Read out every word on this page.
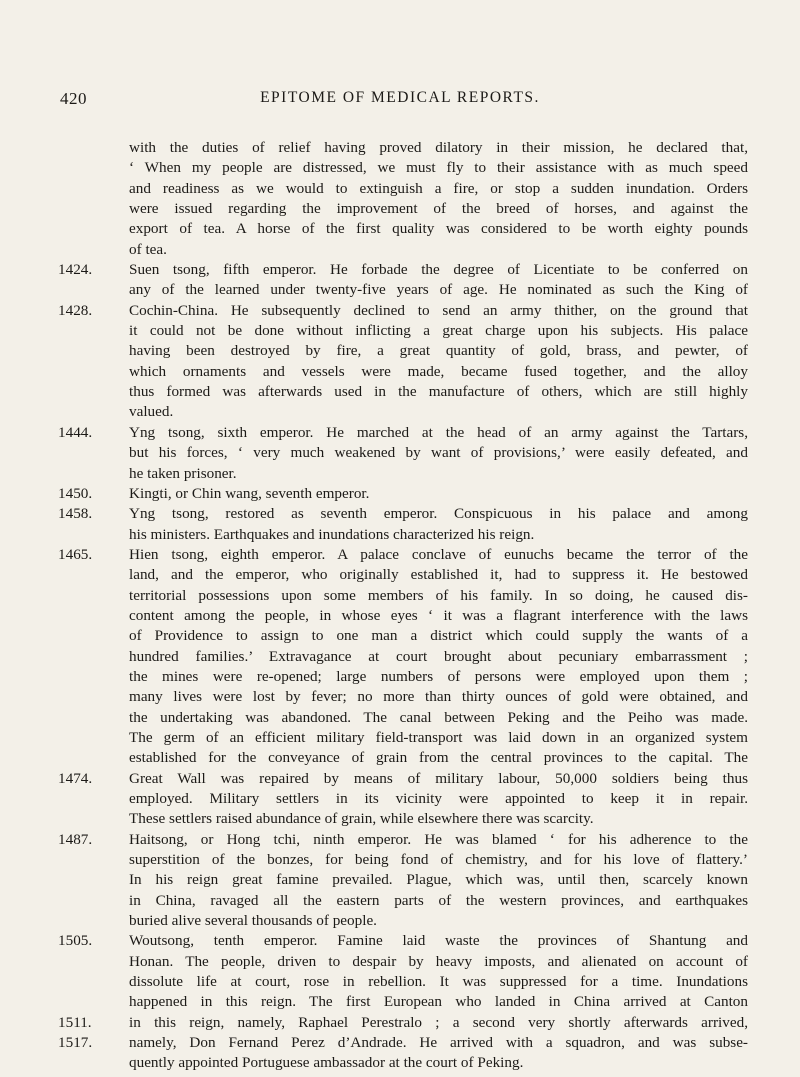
420	EPITOME OF MEDICAL REPORTS.
with the duties of relief having proved dilatory in their mission, he declared that,
‘ When my people are distressed, we must fly to their assistance with as much speed
and readiness as we would to extinguish a fire, or stop a sudden inundation. Orders
were issued regarding the improvement of the breed of horses, and against the
export of tea. A horse of the first quality was considered to be worth eighty pounds
of tea.
1424.	Suen tsong, fifth emperor. He forbade the degree of Licentiate to be conferred on
any of the learned under twenty-five years of age. He nominated as such the King of
1428.	Cochin-China. He subsequently declined to send an army thither, on the ground that
it could not be done without inflicting a great charge upon his subjects. His palace
having been destroyed by fire, a great quantity of gold, brass, and pewter, of
which ornaments and vessels were made, became fused together, and the alloy
thus formed was afterwards used in the manufacture of others, which are still highly
valued.
1444.	Yng tsong, sixth emperor. He marched at the head of an army against the Tartars,
but his forces, ‘ very much weakened by want of provisions,’ were easily defeated, and
he taken prisoner.
1450.	Kingti, or Chin wang, seventh emperor.
1458.	Yng tsong, restored as seventh emperor. Conspicuous in his palace and among
his ministers. Earthquakes and inundations characterized his reign.
1465.	Hien tsong, eighth emperor. A palace conclave of eunuchs became the terror of the
land, and the emperor, who originally established it, had to suppress it. He bestowed
territorial possessions upon some members of his family. In so doing, he caused dis-
content among the people, in whose eyes ‘ it was a flagrant interference with the laws
of Providence to assign to one man a district which could supply the wants of a
hundred families.’ Extravagance at court brought about pecuniary embarrassment ;
the mines were re-opened; large numbers of persons were employed upon them ;
many lives were lost by fever; no more than thirty ounces of gold were obtained, and
the undertaking was abandoned. The canal between Peking and the Peiho was made.
The germ of an efficient military field-transport was laid down in an organized system
established for the conveyance of grain from the central provinces to the capital. The
1474.	Great Wall was repaired by means of military labour, 50,000 soldiers being thus
employed. Military settlers in its vicinity were appointed to keep it in repair.
These settlers raised abundance of grain, while elsewhere there was scarcity.
1487.	Haitsong, or Hong tchi, ninth emperor. He was blamed ‘ for his adherence to the
superstition of the bonzes, for being fond of chemistry, and for his love of flattery.’
In his reign great famine prevailed. Plague, which was, until then, scarcely known
in China, ravaged all the eastern parts of the western provinces, and earthquakes
buried alive several thousands of people.
1505.	Woutsong, tenth emperor. Famine laid waste the provinces of Shantung and
Honan. The people, driven to despair by heavy imposts, and alienated on account of
dissolute life at court, rose in rebellion. It was suppressed for a time. Inundations
happened in this reign. The first European who landed in China arrived at Canton
1511.	in this reign, namely, Raphael Perestralo ; a second very shortly afterwards arrived,
1517.	namely, Don Fernand Perez d’Andrade. He arrived with a squadron, and was subse-
quently appointed Portuguese ambassador at the court of Peking.
